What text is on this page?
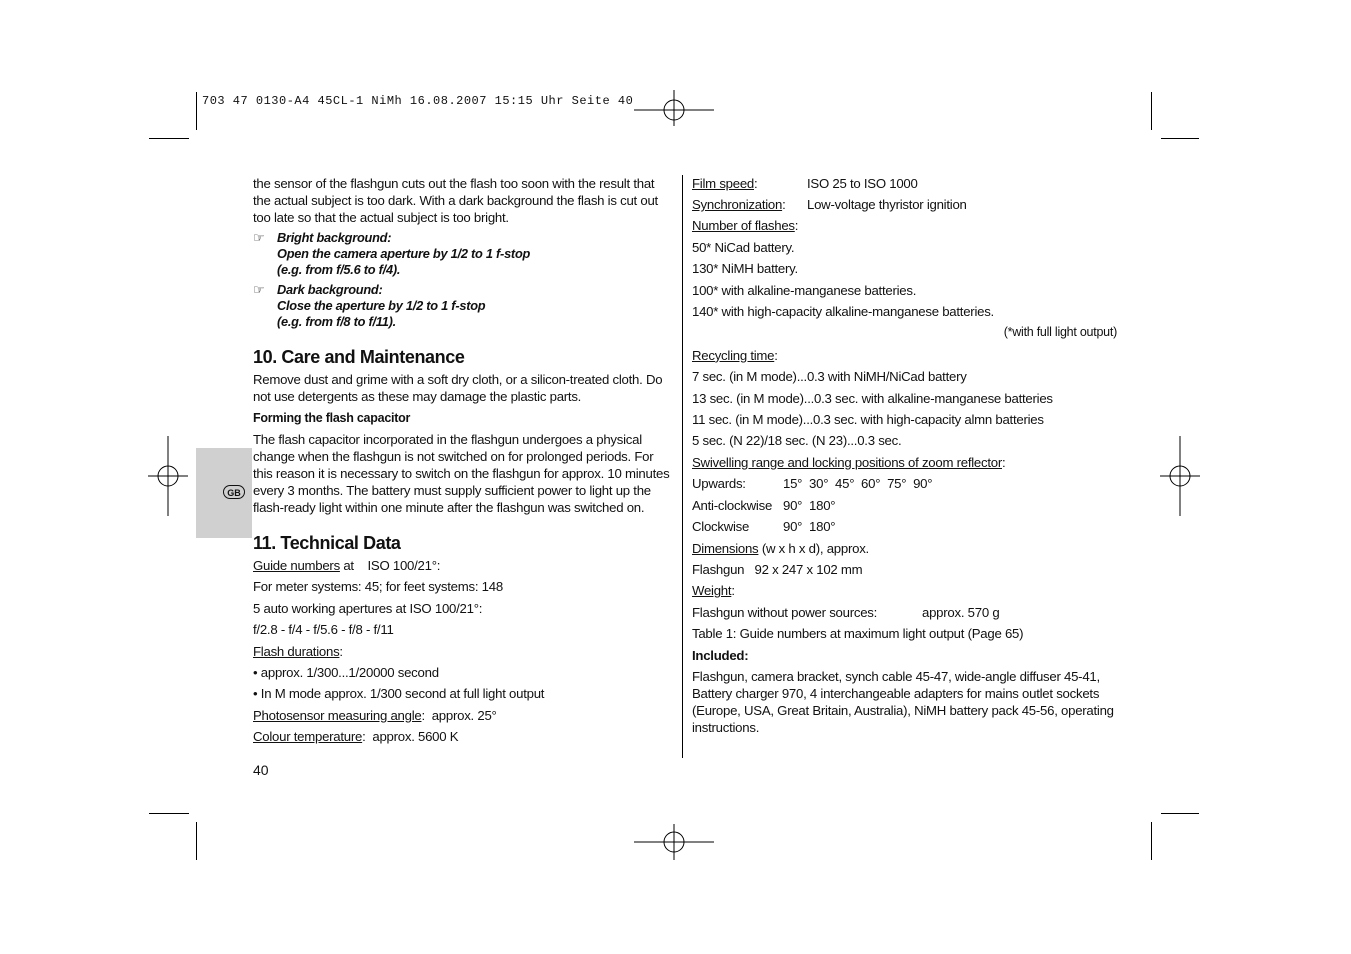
703 47 0130-A4 45CL-1 NiMh 16.08.2007 15:15 Uhr Seite 40
GB

the sensor of the flashgun cuts out the flash too soon with the result that the actual subject is too dark. With a dark background the flash is cut out too late so that the actual subject is too bright.

☞ Bright background:
Open the camera aperture by 1/2 to 1 f-stop
(e.g. from f/5.6 to f/4).
☞ Dark background:
Close the aperture by 1/2 to 1 f-stop
(e.g. from f/8 to f/11).
10. Care and Maintenance

Remove dust and grime with a soft dry cloth, or a silicon-treated cloth. Do not use detergents as these may damage the plastic parts.

Forming the flash capacitor

The flash capacitor incorporated in the flashgun undergoes a physical change when the flashgun is not switched on for prolonged periods. For this reason it is necessary to switch on the flashgun for approx. 10 minutes every 3 months. The battery must supply sufficient power to light up the flash-ready light within one minute after the flashgun was switched on.

11. Technical Data
Guide numbers at    ISO 100/21°:
For meter systems: 45; for feet systems: 148
5 auto working apertures at ISO 100/21°:
f/2.8 - f/4 - f/5.6 - f/8 - f/11
Flash durations:
• approx. 1/300...1/20000 second
• In M mode approx. 1/300 second at full light output
Photosensor measuring angle:  approx. 25°
Colour temperature:  approx. 5600 K
40
Film speed:	ISO 25 to ISO 1000
Synchronization:	Low-voltage thyristor ignition
Number of flashes:
50* NiCad battery.
130* NiMH battery.
100* with alkaline-manganese batteries.
140* with high-capacity alkaline-manganese batteries.
(*with full light output)
Recycling time:
7 sec. (in M mode)...0.3 with NiMH/NiCad battery
13 sec. (in M mode)...0.3 sec. with alkaline-manganese batteries
11 sec. (in M mode)...0.3 sec. with high-capacity almn batteries
5 sec. (N 22)/18 sec. (N 23)...0.3 sec.
Swivelling range and locking positions of zoom reflector:
Upwards:	15°  30°  45°  60°  75°  90°
Anti-clockwise 90°  180°
Clockwise	90°  180°
Dimensions (w x h x d), approx.
Flashgun   92 x 247 x 102 mm
Weight:
Flashgun without power sources:	approx. 570 g
Table 1: Guide numbers at maximum light output (Page 65)
Included:

Flashgun, camera bracket, synch cable 45-47, wide-angle diffuser 45-41, Battery charger 970, 4 interchangeable adapters for mains outlet sockets (Europe, USA, Great Britain, Australia), NiMH battery pack 45-56, operating instructions.
